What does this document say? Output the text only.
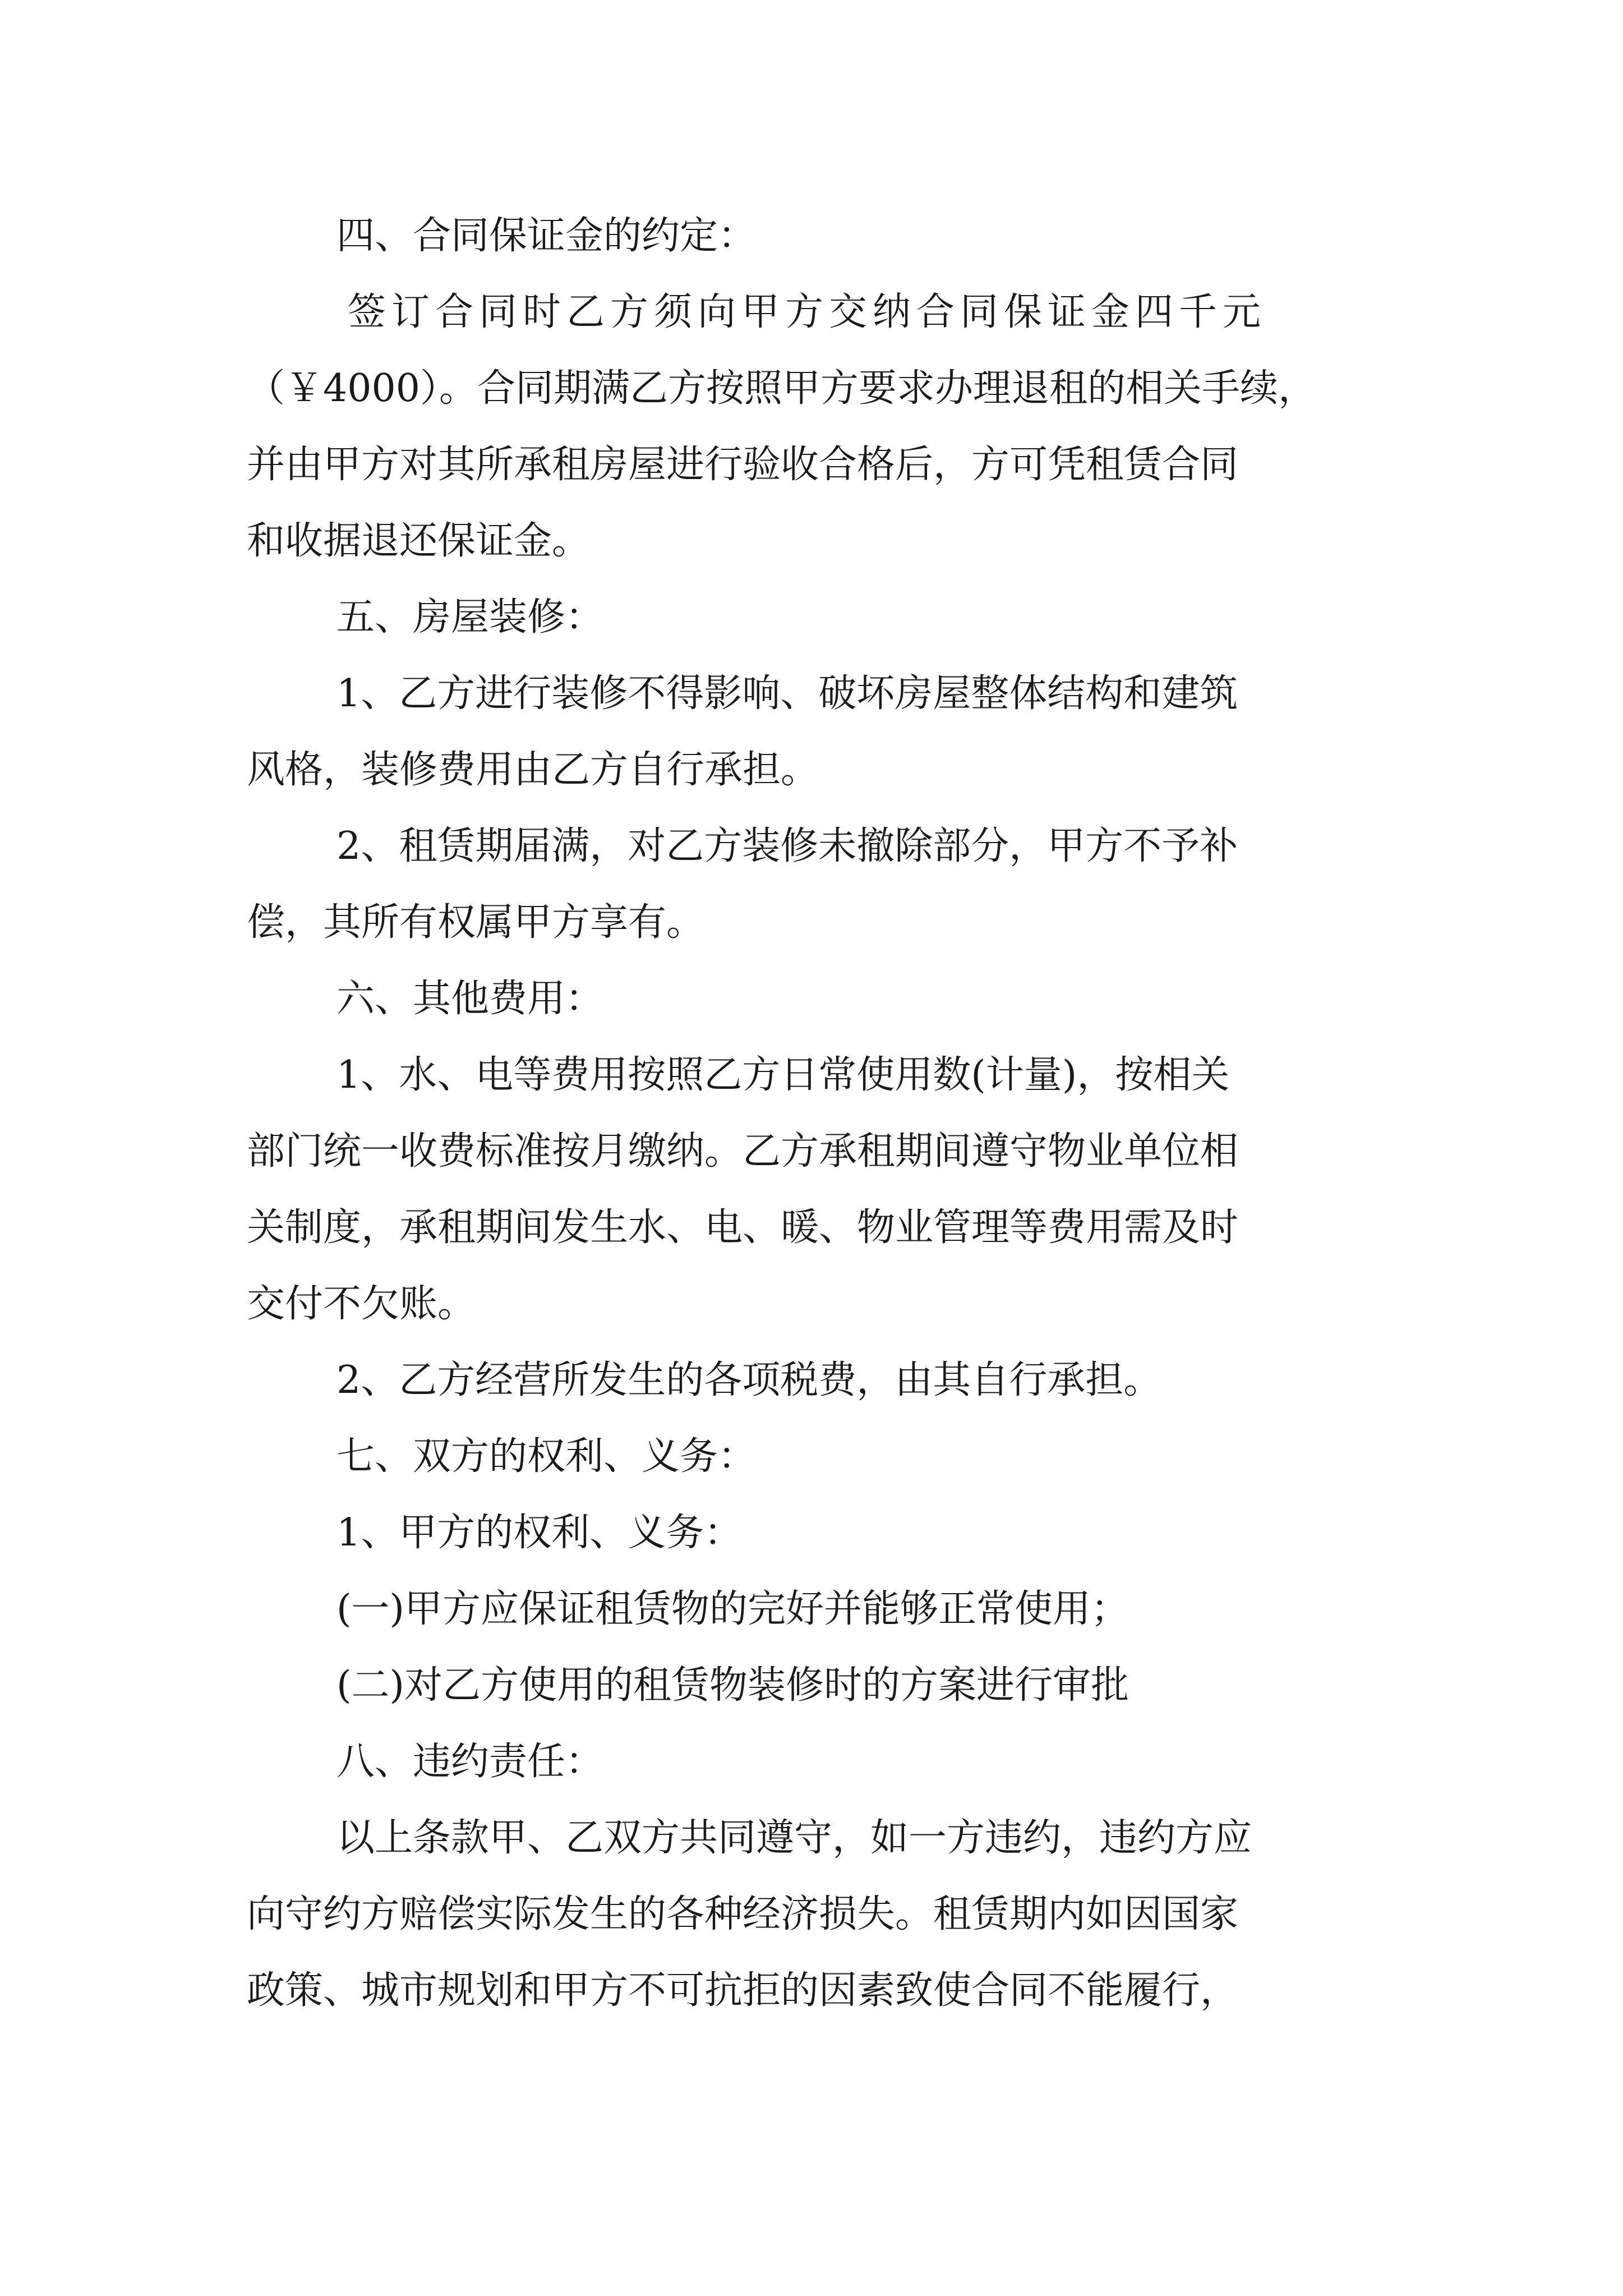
四、合同保证金的约定：
签订合同时乙方须向甲方交纳合同保证金四千元
（￥4000）。合同期满乙方按照甲方要求办理退租的相关手续，
并由甲方对其所承租房屋进行验收合格后，方可凭租赁合同
和收据退还保证金。
五、房屋装修：
1、乙方进行装修不得影响、破坏房屋整体结构和建筑
风格，装修费用由乙方自行承担。
2、租赁期届满，对乙方装修未撤除部分，甲方不予补
偿，其所有权属甲方享有。
六、其他费用：
1、水、电等费用按照乙方日常使用数(计量)，按相关
部门统一收费标准按月缴纳。乙方承租期间遵守物业单位相
关制度，承租期间发生水、电、暖、物业管理等费用需及时
交付不欠账。
2、乙方经营所发生的各项税费，由其自行承担。
七、双方的权利、义务：
1、甲方的权利、义务：
(一)甲方应保证租赁物的完好并能够正常使用；
(二)对乙方使用的租赁物装修时的方案进行审批
八、违约责任：
以上条款甲、乙双方共同遵守，如一方违约，违约方应
向守约方赔偿实际发生的各种经济损失。租赁期内如因国家
政策、城市规划和甲方不可抗拒的因素致使合同不能履行，
